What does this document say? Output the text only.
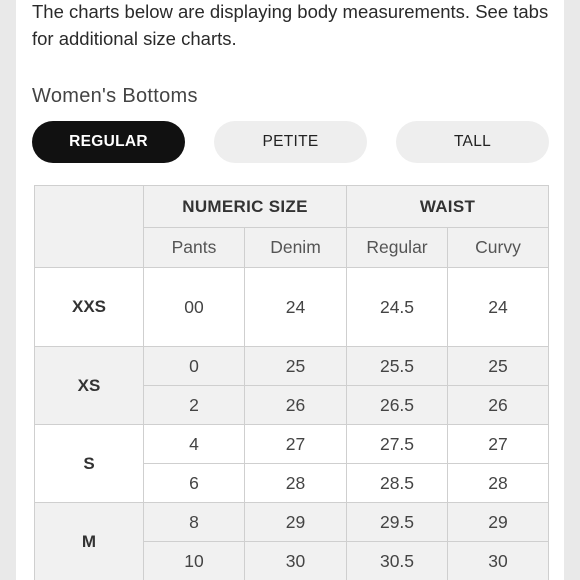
The charts below are displaying body measurements. See tabs for additional size charts.

Women's Bottoms
REGULAR	PETITE	TALL
	NUMERIC SIZE		WAIST	
	Pants	Denim	Regular	Curvy
XXS	00	24	24.5	24
XS	0	25	25.5	25
	2	26	26.5	26
S	4	27	27.5	27
	6	28	28.5	28
M	8	29	29.5	29
	10	30	30.5	30
